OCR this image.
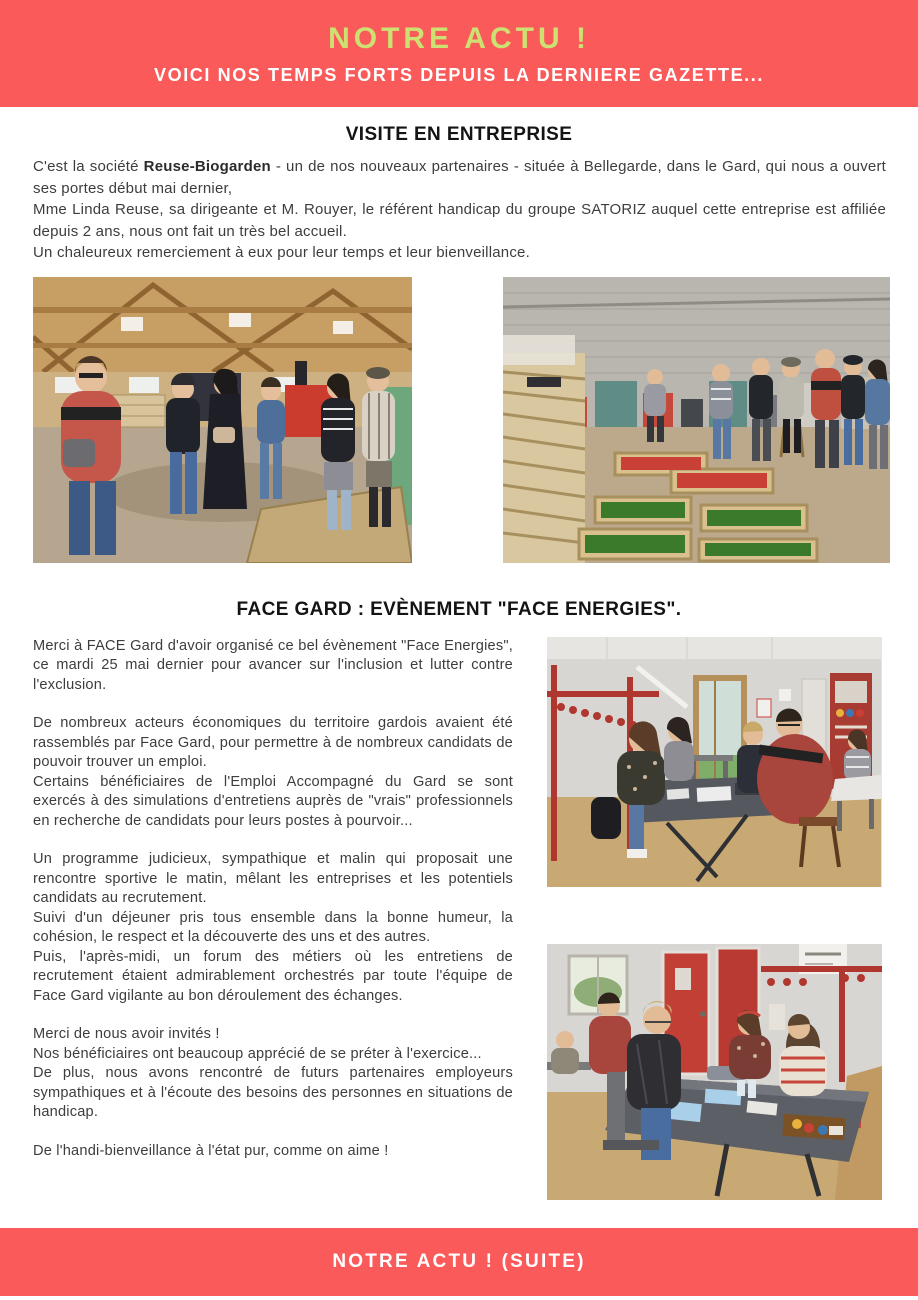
NOTRE ACTU !

VOICI NOS TEMPS FORTS DEPUIS LA DERNIERE GAZETTE...

VISITE EN ENTREPRISE

C'est la société Reuse-Biogarden - un de nos nouveaux partenaires - située à Bellegarde, dans le Gard, qui nous a ouvert ses portes début mai dernier,

Mme Linda Reuse, sa dirigeante et M. Rouyer, le référent handicap du groupe SATORIZ auquel cette entreprise est affiliée depuis 2 ans, nous ont fait un très bel accueil.

Un chaleureux remerciement à eux pour leur temps et leur bienveillance.

FACE GARD : EVÈNEMENT "FACE ENERGIES".

Merci à FACE Gard d'avoir organisé ce bel évènement "Face Energies", ce mardi 25 mai dernier pour avancer sur l'inclusion et lutter contre l'exclusion.

De nombreux acteurs économiques du territoire gardois avaient été rassemblés par Face Gard, pour permettre à de nombreux candidats de pouvoir trouver un emploi.

Certains bénéficiaires de l'Emploi Accompagné du Gard se sont exercés à des simulations d'entretiens auprès de "vrais" professionnels en recherche de candidats pour leurs postes à pourvoir...

Un programme judicieux, sympathique et malin qui proposait une rencontre sportive le matin, mêlant les entreprises et les potentiels candidats au recrutement.

Suivi d'un déjeuner pris tous ensemble dans la bonne humeur, la cohésion, le respect et la découverte des uns et des autres.

Puis, l'après-midi, un forum des métiers où les entretiens de recrutement étaient admirablement orchestrés par toute l'équipe de Face Gard vigilante au bon déroulement des échanges.

Merci de nous avoir invités !

Nos bénéficiaires ont beaucoup apprécié de se préter à l'exercice...

De plus, nous avons rencontré de futurs partenaires employeurs sympathiques et à l'écoute des besoins des personnes en situations de handicap.

De l'handi-bienveillance à l'état pur, comme on aime !

NOTRE ACTU ! (SUITE)
